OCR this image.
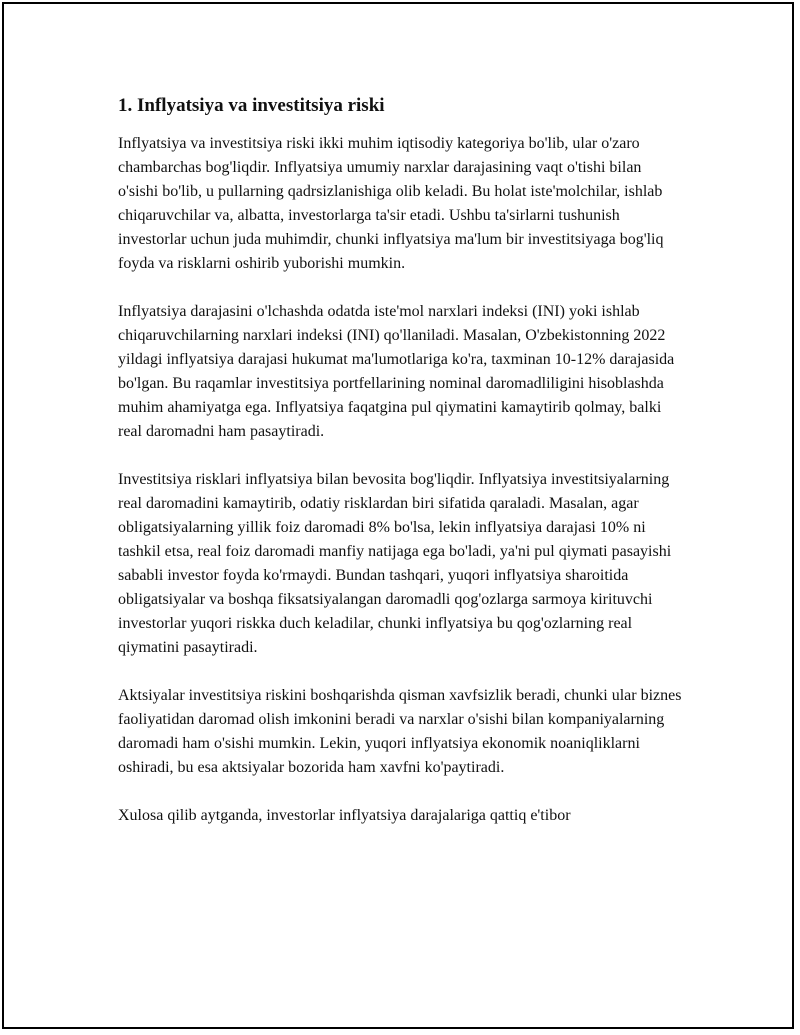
1. Inflyatsiya va investitsiya riski

Inflyatsiya va investitsiya riski ikki muhim iqtisodiy kategoriya bo'lib, ular o'zaro chambarchas bog'liqdir. Inflyatsiya umumiy narxlar darajasining vaqt o'tishi bilan o'sishi bo'lib, u pullarning qadrsizlanishiga olib keladi. Bu holat iste'molchilar, ishlab chiqaruvchilar va, albatta, investorlarga ta'sir etadi. Ushbu ta'sirlarni tushunish investorlar uchun juda muhimdir, chunki inflyatsiya ma'lum bir investitsiyaga bog'liq foyda va risklarni oshirib yuborishi mumkin.

Inflyatsiya darajasini o'lchashda odatda iste'mol narxlari indeksi (INI) yoki ishlab chiqaruvchilarning narxlari indeksi (INI) qo'llaniladi. Masalan, O'zbekistonning 2022 yildagi inflyatsiya darajasi hukumat ma'lumotlariga ko'ra, taxminan 10-12% darajasida bo'lgan. Bu raqamlar investitsiya portfellarining nominal daromadliligini hisoblashda muhim ahamiyatga ega. Inflyatsiya faqatgina pul qiymatini kamaytirib qolmay, balki real daromadni ham pasaytiradi.

Investitsiya risklari inflyatsiya bilan bevosita bog'liqdir. Inflyatsiya investitsiyalarning real daromadini kamaytirib, odatiy risklardan biri sifatida qaraladi. Masalan, agar obligatsiyalarning yillik foiz daromadi 8% bo'lsa, lekin inflyatsiya darajasi 10% ni tashkil etsa, real foiz daromadi manfiy natijaga ega bo'ladi, ya'ni pul qiymati pasayishi sababli investor foyda ko'rmaydi. Bundan tashqari, yuqori inflyatsiya sharoitida obligatsiyalar va boshqa fiksatsiyalangan daromadli qog'ozlarga sarmoya kirituvchi investorlar yuqori riskka duch keladilar, chunki inflyatsiya bu qog'ozlarning real qiymatini pasaytiradi.

Aktsiyalar investitsiya riskini boshqarishda qisman xavfsizlik beradi, chunki ular biznes faoliyatidan daromad olish imkonini beradi va narxlar o'sishi bilan kompaniyalarning daromadi ham o'sishi mumkin. Lekin, yuqori inflyatsiya ekonomik noaniqliklarni oshiradi, bu esa aktsiyalar bozorida ham xavfni ko'paytiradi.

Xulosa qilib aytganda, investorlar inflyatsiya darajalariga qattiq e'tibor
